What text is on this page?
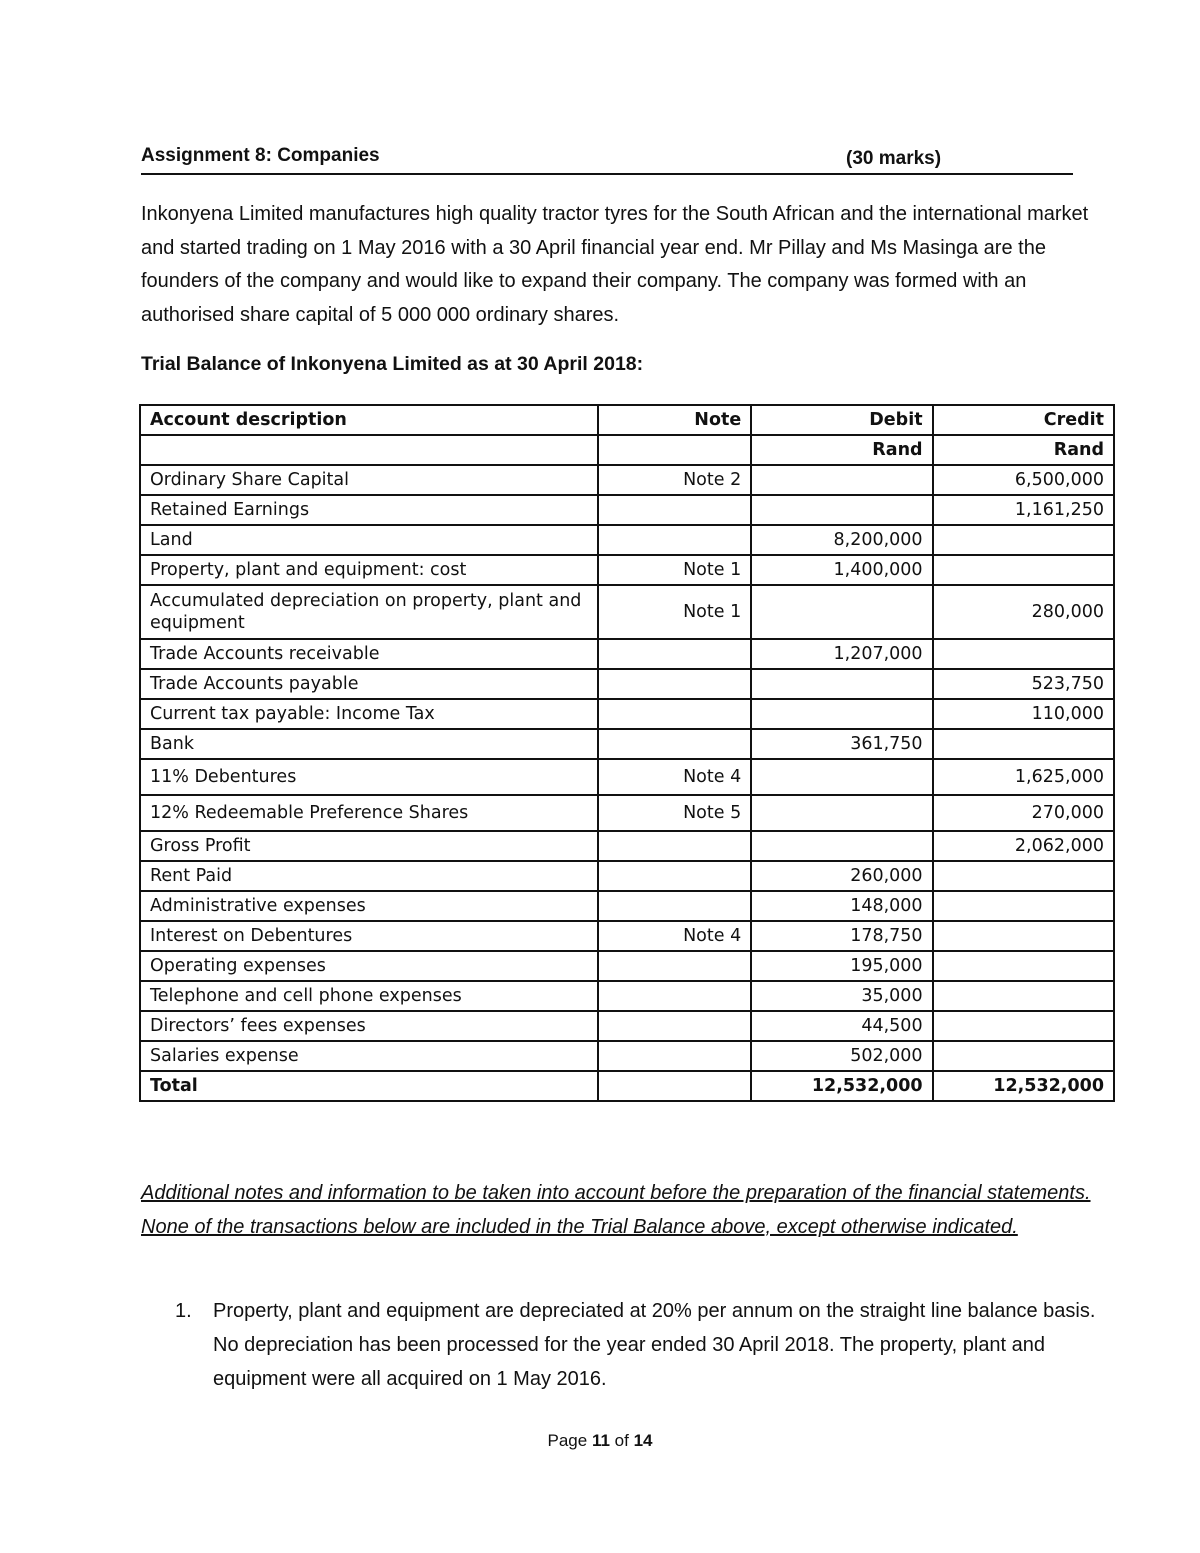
Assignment 8: Companies	(30 marks)

Inkonyena Limited manufactures high quality tractor tyres for the South African and the international market and started trading on 1 May 2016 with a 30 April financial year end. Mr Pillay and Ms Masinga are the founders of the company and would like to expand their company. The company was formed with an authorised share capital of 5 000 000 ordinary shares.

Trial Balance of Inkonyena Limited as at 30 April 2018:
Account description	Note	Debit	Credit
		Rand	Rand
Ordinary Share Capital	Note 2		6,500,000
Retained Earnings			1,161,250
Land		8,200,000	
Property, plant and equipment: cost	Note 1	1,400,000	
Accumulated depreciation on property, plant and equipment	Note 1		280,000
Trade Accounts receivable		1,207,000	
Trade Accounts payable			523,750
Current tax payable: Income Tax			110,000
Bank		361,750	
11% Debentures	Note 4		1,625,000
12% Redeemable Preference Shares	Note 5		270,000
Gross Profit			2,062,000
Rent Paid		260,000	
Administrative expenses		148,000	
Interest on Debentures	Note 4	178,750	
Operating expenses		195,000	
Telephone and cell phone expenses		35,000	
Directors’ fees expenses		44,500	
Salaries expense		502,000	
Total		12,532,000	12,532,000

Additional notes and information to be taken into account before the preparation of the financial statements. None of the transactions below are included in the Trial Balance above, except otherwise indicated.

1. Property, plant and equipment are depreciated at 20% per annum on the straight line balance basis. No depreciation has been processed for the year ended 30 April 2018. The property, plant and equipment were all acquired on 1 May 2016.
Page 11 of 14
